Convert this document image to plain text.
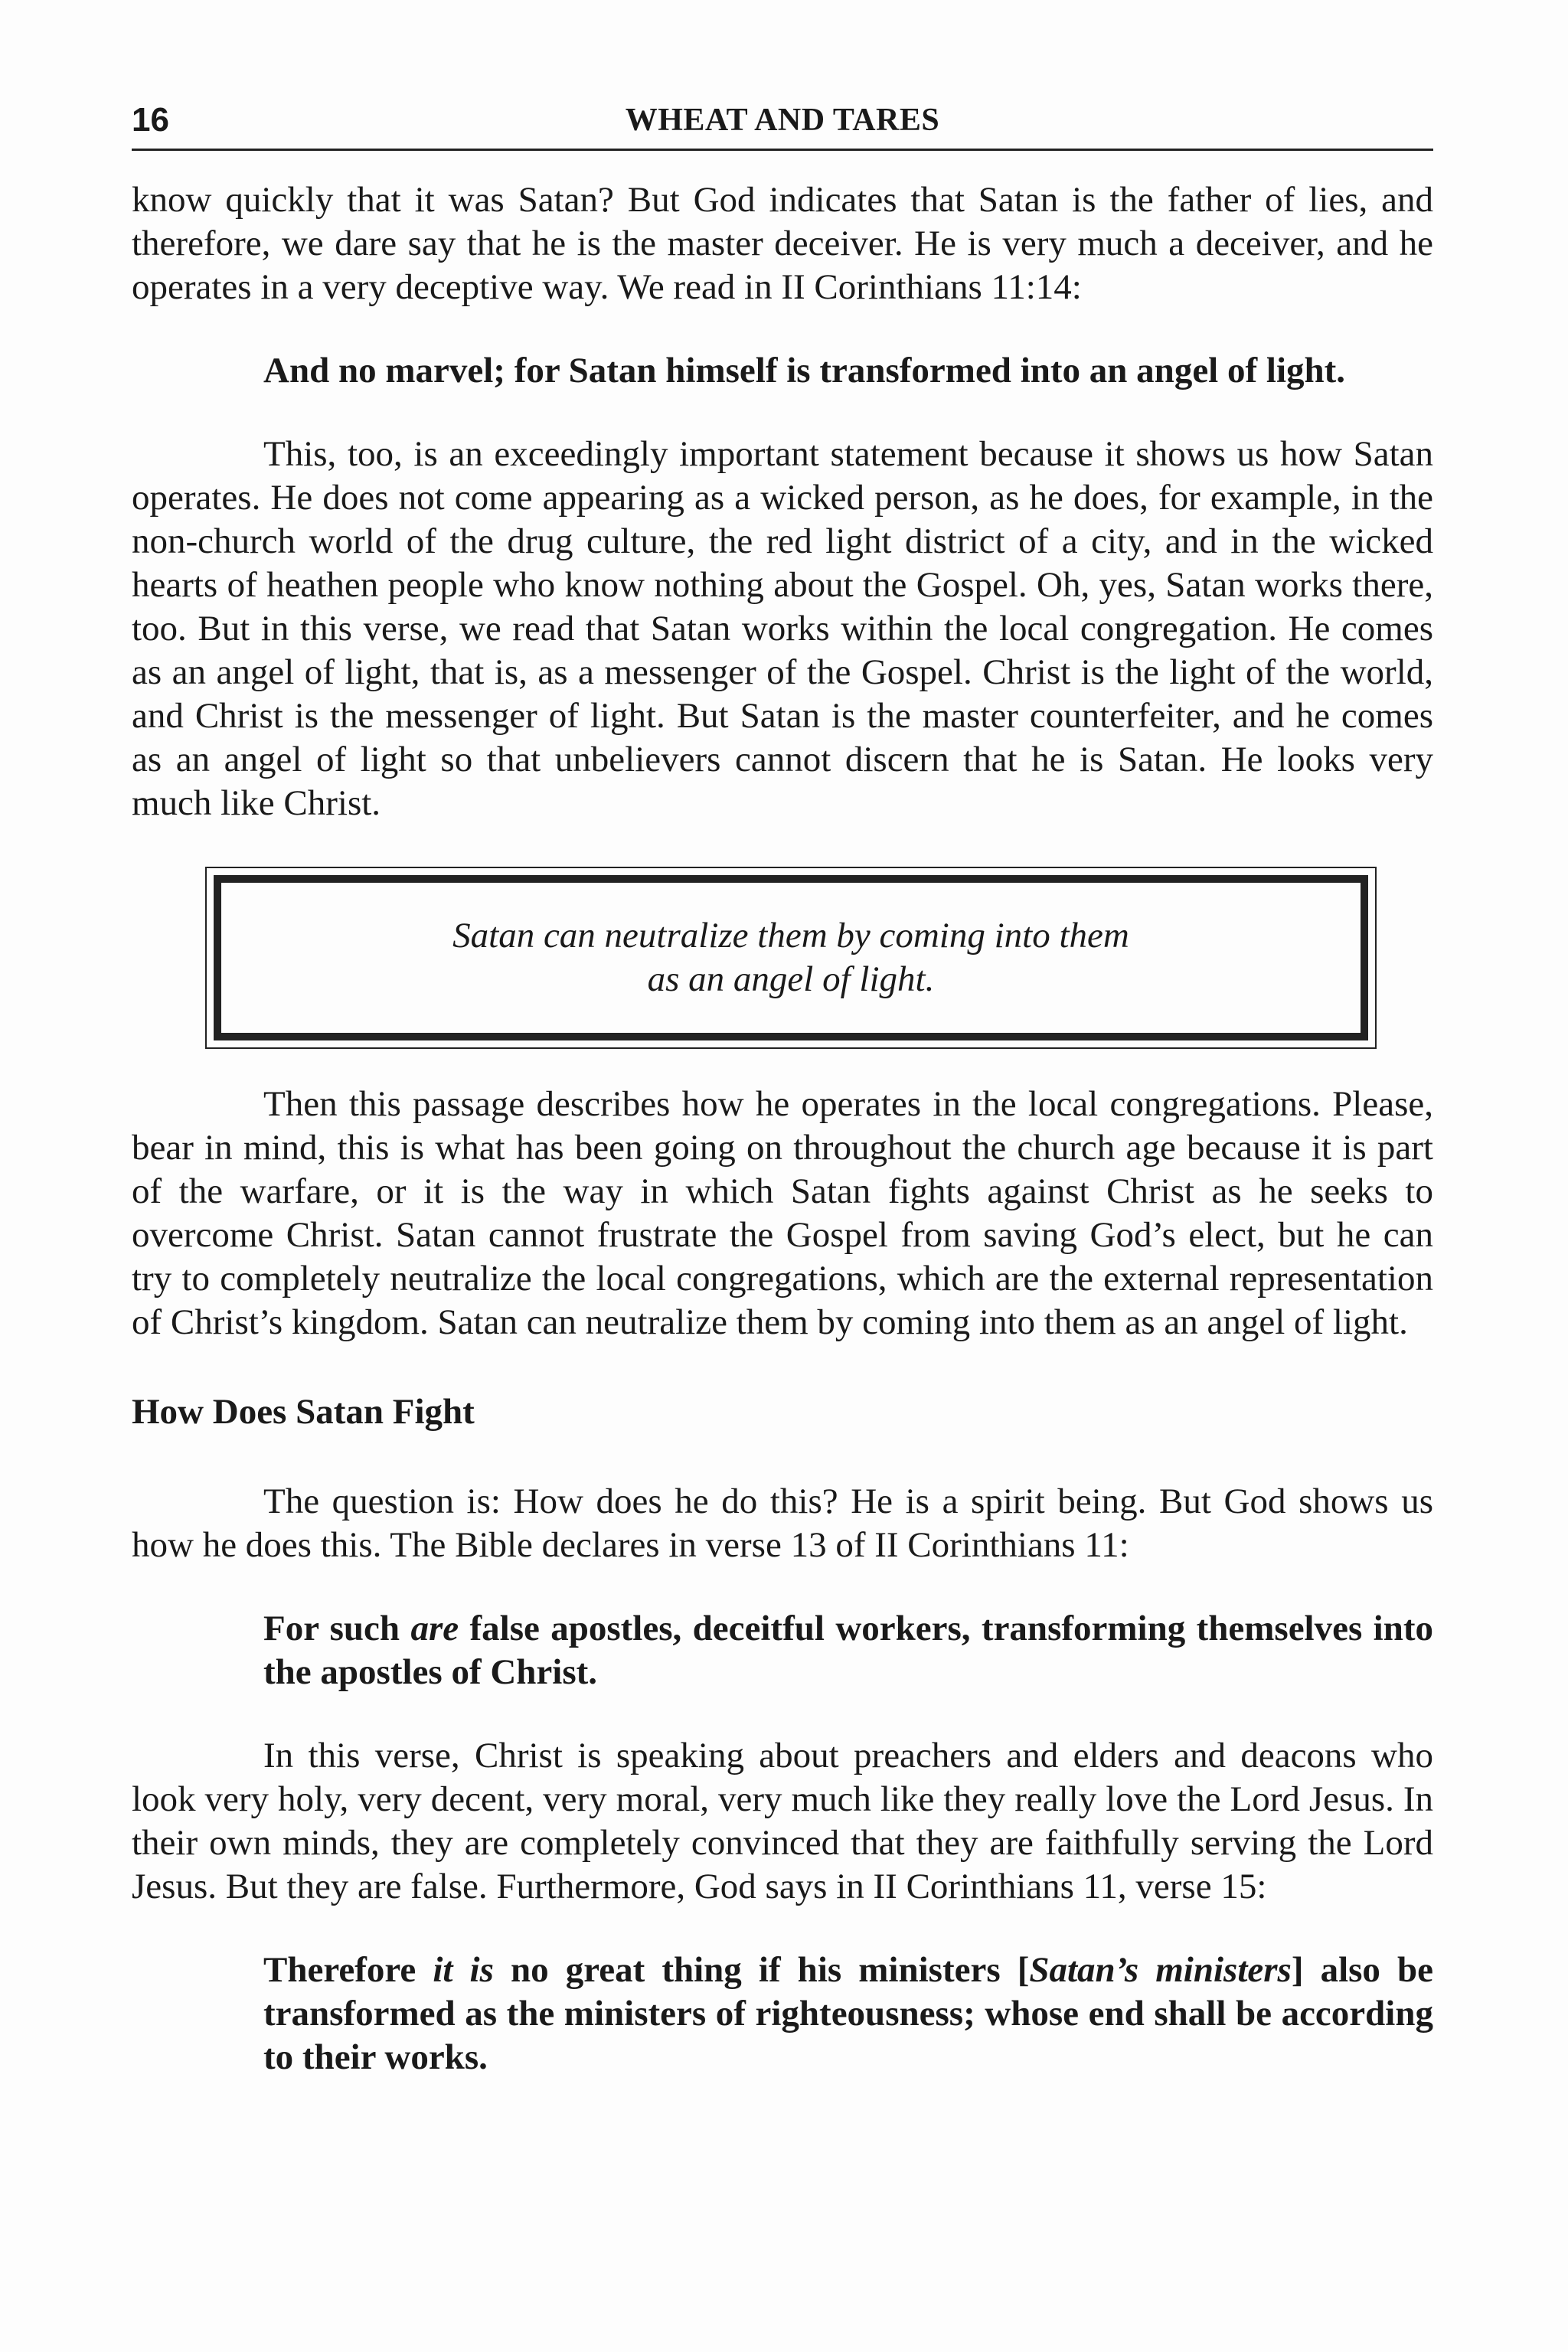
16	WHEAT AND TARES

know quickly that it was Satan? But God indicates that Satan is the father of lies, and therefore, we dare say that he is the master deceiver. He is very much a deceiver, and he operates in a very deceptive way. We read in II Corinthians 11:14:

And no marvel; for Satan himself is transformed into an angel of light.

This, too, is an exceedingly important statement because it shows us how Satan operates. He does not come appearing as a wicked person, as he does, for example, in the non-church world of the drug culture, the red light district of a city, and in the wicked hearts of heathen people who know nothing about the Gospel. Oh, yes, Satan works there, too. But in this verse, we read that Satan works within the local congregation. He comes as an angel of light, that is, as a messenger of the Gospel. Christ is the light of the world, and Christ is the messenger of light. But Satan is the master counterfeiter, and he comes as an angel of light so that unbelievers cannot discern that he is Satan. He looks very much like Christ.

Satan can neutralize them by coming into them
as an angel of light.

Then this passage describes how he operates in the local congregations. Please, bear in mind, this is what has been going on throughout the church age because it is part of the warfare, or it is the way in which Satan fights against Christ as he seeks to overcome Christ. Satan cannot frustrate the Gospel from saving God’s elect, but he can try to completely neutralize the local congregations, which are the external representation of Christ’s kingdom. Satan can neutralize them by coming into them as an angel of light.

How Does Satan Fight

The question is: How does he do this? He is a spirit being. But God shows us how he does this. The Bible declares in verse 13 of II Corinthians 11:

For such are false apostles, deceitful workers, transforming themselves into the apostles of Christ.

In this verse, Christ is speaking about preachers and elders and deacons who look very holy, very decent, very moral, very much like they really love the Lord Jesus. In their own minds, they are completely convinced that they are faithfully serving the Lord Jesus. But they are false. Furthermore, God says in II Corinthians 11, verse 15:

Therefore it is no great thing if his ministers [Satan’s ministers] also be transformed as the ministers of righteousness; whose end shall be according to their works.
